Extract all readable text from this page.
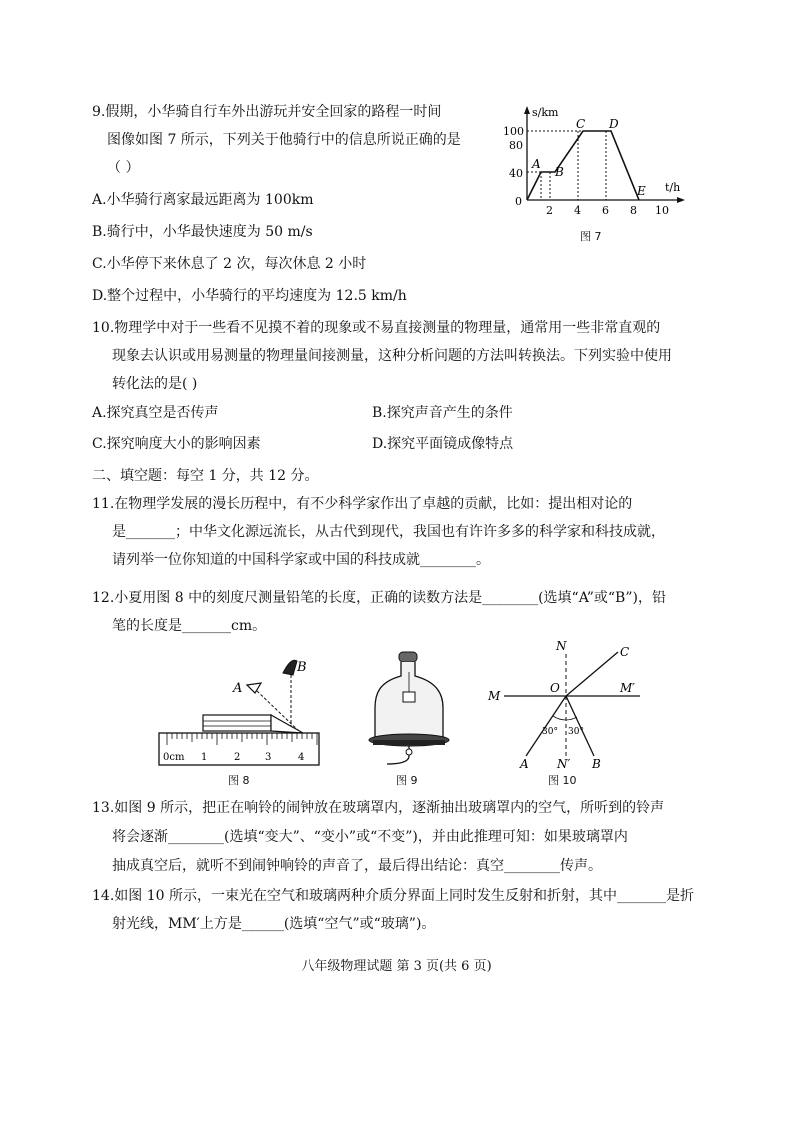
9.假期，小华骑自行车外出游玩并安全回家的路程一时间
图像如图 7 所示，下列关于他骑行中的信息所说正确的是
（ ）
A.小华骑行离家最远距离为 100km
B.骑行中，小华最快速度为 50 m/s
C.小华停下来休息了 2 次，每次休息 2 小时
D.整个过程中，小华骑行的平均速度为 12.5 km/h
s/km
t/h
100
80
40
0
2 4 6 8 10
A
B
C D
E
图 7
10.物理学中对于一些看不见摸不着的现象或不易直接测量的物理量，通常用一些非常直观的
现象去认识或用易测量的物理量间接测量，这种分析问题的方法叫转换法。下列实验中使用
转化法的是( )
A.探究真空是否传声	B.探究声音产生的条件
C.探究响度大小的影响因素	D.探究平面镜成像特点
二、填空题：每空 1 分，共 12 分。
11.在物理学发展的漫长历程中，有不少科学家作出了卓越的贡献，比如：提出相对论的
是_______；中华文化源远流长，从古代到现代，我国也有许许多多的科学家和科技成就，
请列举一位你知道的中国科学家或中国的科技成就________。
12.小夏用图 8 中的刻度尺测量铅笔的长度，正确的读数方法是________(选填“A”或“B”)，铅
笔的长度是_______cm。
A
B
0cm 1	2 3	4
图 8	图 9
N	C
M
O	M′
30° 30°
A N′ B
图 10
13.如图 9 所示，把正在响铃的闹钟放在玻璃罩内，逐渐抽出玻璃罩内的空气，所听到的铃声
将会逐渐________(选填“变大”、“变小”或“不变”)，并由此推理可知：如果玻璃罩内
抽成真空后，就听不到闹钟响铃的声音了，最后得出结论：真空________传声。
14.如图 10 所示，一束光在空气和玻璃两种介质分界面上同时发生反射和折射，其中_______是折
射光线，MM′上方是______(选填“空气”或“玻璃”)。
八年级物理试题 第 3 页(共 6 页)
